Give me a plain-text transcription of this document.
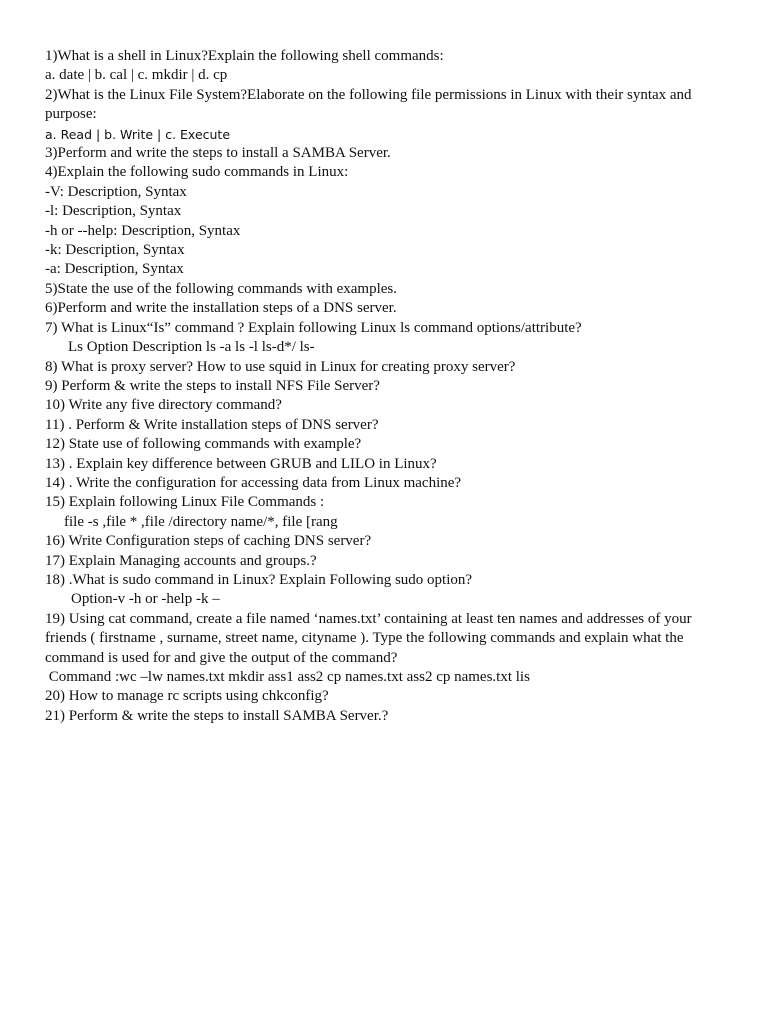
1)What is a shell in Linux?Explain the following shell commands:
a. date | b. cal | c. mkdir | d. cp
2)What is the Linux File System?Elaborate on the following file permissions in Linux with their syntax and purpose:
a. Read | b. Write | c. Execute
3)Perform and write the steps to install a SAMBA Server.
4)Explain the following sudo commands in Linux:
-V: Description, Syntax
-l: Description, Syntax
-h or --help: Description, Syntax
-k: Description, Syntax
-a: Description, Syntax
5)State the use of the following commands with examples.
6)Perform and write the installation steps of a DNS server.
7) What is Linux“Is” command ? Explain following Linux ls command options/attribute?
Ls Option Description ls -a ls -l ls-d*/ ls-
8) What is proxy server? How to use squid in Linux for creating proxy server?
9) Perform & write the steps to install NFS File Server?
10) Write any five directory command?
11) . Perform & Write installation steps of DNS server?
12) State use of following commands with example?
13) . Explain key difference between GRUB and LILO in Linux?
14) . Write the configuration for accessing data from Linux machine?
15) Explain following Linux File Commands :
file -s ,file * ,file /directory name/*, file [rang
16) Write Configuration steps of caching DNS server?
17) Explain Managing accounts and groups.?
18) .What is sudo command in Linux? Explain Following sudo option?
Option-v -h or -help -k –
19) Using cat command, create a file named ‘names.txt’ containing at least ten names and addresses of your friends ( firstname , surname, street name, cityname ). Type the following commands and explain what the command is used for and give the output of the command?
Command :wc –lw names.txt mkdir ass1 ass2 cp names.txt ass2 cp names.txt lis
20) How to manage rc scripts using chkconfig?
21) Perform & write the steps to install SAMBA Server.?
